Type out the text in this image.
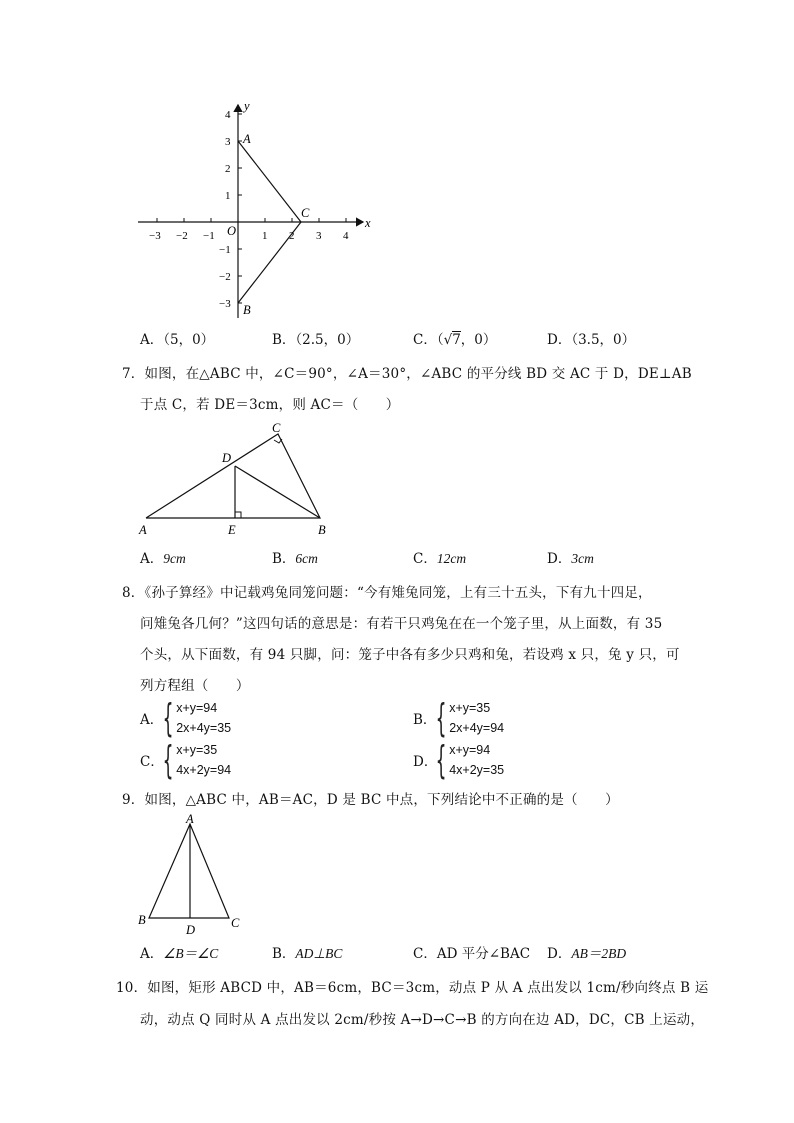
y
x
O
A
C
B
−3 −2 −1	1 2 3 4
4
3
2
1
−1
−2
−3
A．（5，0）	B．（2.5，0）	C．（√7，0）	D．（3.5，0）
7．如图，在△ABC 中，∠C＝90°，∠A＝30°，∠ABC 的平分线 BD 交 AC 于 D，DE⊥AB
于点 C，若 DE＝3cm，则 AC＝（　　）
A	B
C
D
E
A．9cm	B．6cm	C．12cm	D．3cm
8．《孙子算经》中记载鸡兔同笼问题：“今有雉兔同笼，上有三十五头，下有九十四足，
问雉兔各几何？”这四句话的意思是：有若干只鸡兔在在一个笼子里，从上面数，有 35
个头，从下面数，有 94 只脚，问：笼子中各有多少只鸡和兔，若设鸡 x 只，兔 y 只，可
列方程组（　　）
A． { x+y=94
2x+4y=35	B． { x+y=35
2x+4y=94
C．
{ x+y=35
4x+2y=94	D．
{ x+y=94
4x+2y=35
9．如图，△ABC 中，AB＝AC，D 是 BC 中点，下列结论中不正确的是（　　）
A
B	C
D
A．∠B＝∠C	B．AD⊥BC	C．AD 平分∠BAC D．AB＝2BD
10．如图，矩形 ABCD 中，AB＝6cm，BC＝3cm，动点 P 从 A 点出发以 1cm/秒向终点 B 运
动，动点 Q 同时从 A 点出发以 2cm/秒按 A→D→C→B 的方向在边 AD，DC，CB 上运动，
